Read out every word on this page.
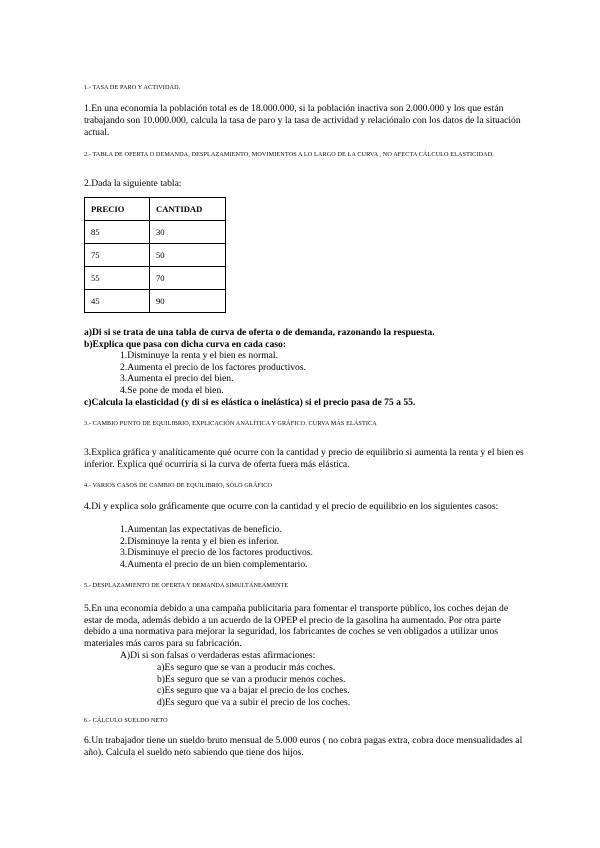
1.- TASA DE PARO Y ACTIVIDAD.
1.En una economía la población total es de 18.000.000, si la población inactiva son 2.000.000 y los que están trabajando son 10.000.000, calcula la tasa de paro y la tasa de actividad y relaciónalo con los datos de la situación actual.
2.- TABLA DE OFERTA O DEMANDA, DESPLAZAMIENTO, MOVIMIENTOS A LO LARGO DE LA CURVA , NO AFECTA CÁLCULO ELASTICIDAD.
2.Dada la siguiente tabla:
PRECIO	CANTIDAD
85	30
75	50
55	70
45	90
a)Di si se trata de una tabla de curva de oferta o de demanda, razonando la respuesta.
b)Explica que pasa con dicha curva en cada caso:
1.Disminuye la renta y el bien es normal.
2.Aumenta el precio de los factores productivos.
3.Aumenta el precio del bien.
4.Se pone de moda el bien.
c)Calcula la elasticidad (y di si es elástica o inelástica) si el precio pasa de 75 a 55.
3.- CAMBIO PUNTO DE EQUILIBRIO, EXPLICACIÓN ANALÍTICA Y GRÁFICO. CURVA MÁS ELÁSTICA
3.Explica gráfica y analíticamente qué ocurre con la cantidad y precio de equilibrio si aumenta la renta y el bien es inferior. Explica qué ocurriría si la curva de oferta fuera más elástica.
4.- VARIOS CASOS DE CAMBIO DE EQUILIBRIO, SÓLO GRÁFICO
4.Di y explica solo gráficamente que ocurre con la cantidad y el precio de equilibrio en los siguientes casos:
1.Aumentan las expectativas de beneficio.
2.Disminuye la renta y el bien es inferior.
3.Disminuye el precio de los factores productivos.
4.Aumenta el precio de un bien complementario.
5.- DESPLAZAMIENTO DE OFERTA Y DEMANDA SIMULTÁNEAMENTE
5.En una economía debido a una campaña publicitaria para fomentar el transporte público, los coches dejan de estar de moda, además debido a un acuerdo de la OPEP el precio de la gasolina ha aumentado. Por otra parte debido a una normativa para mejorar la seguridad, los fabricantes de coches se ven obligados a utilizar unos materiales más caros para su fabricación.
A)Di si son falsas o verdaderas estas afirmaciones:
a)Es seguro que se van a producir más coches.
b)Es seguro que se van a producir menos coches.
c)Es seguro que va a bajar el precio de los coches.
d)Es seguro que va a subir el precio de los coches.
6.- CÁLCULO SUELDO NETO
6.Un trabajador tiene un sueldo bruto mensual de 5.000 euros ( no cobra pagas extra, cobra doce mensualidades al año). Calcula el sueldo neto sabiendo que tiene dos hijos.
